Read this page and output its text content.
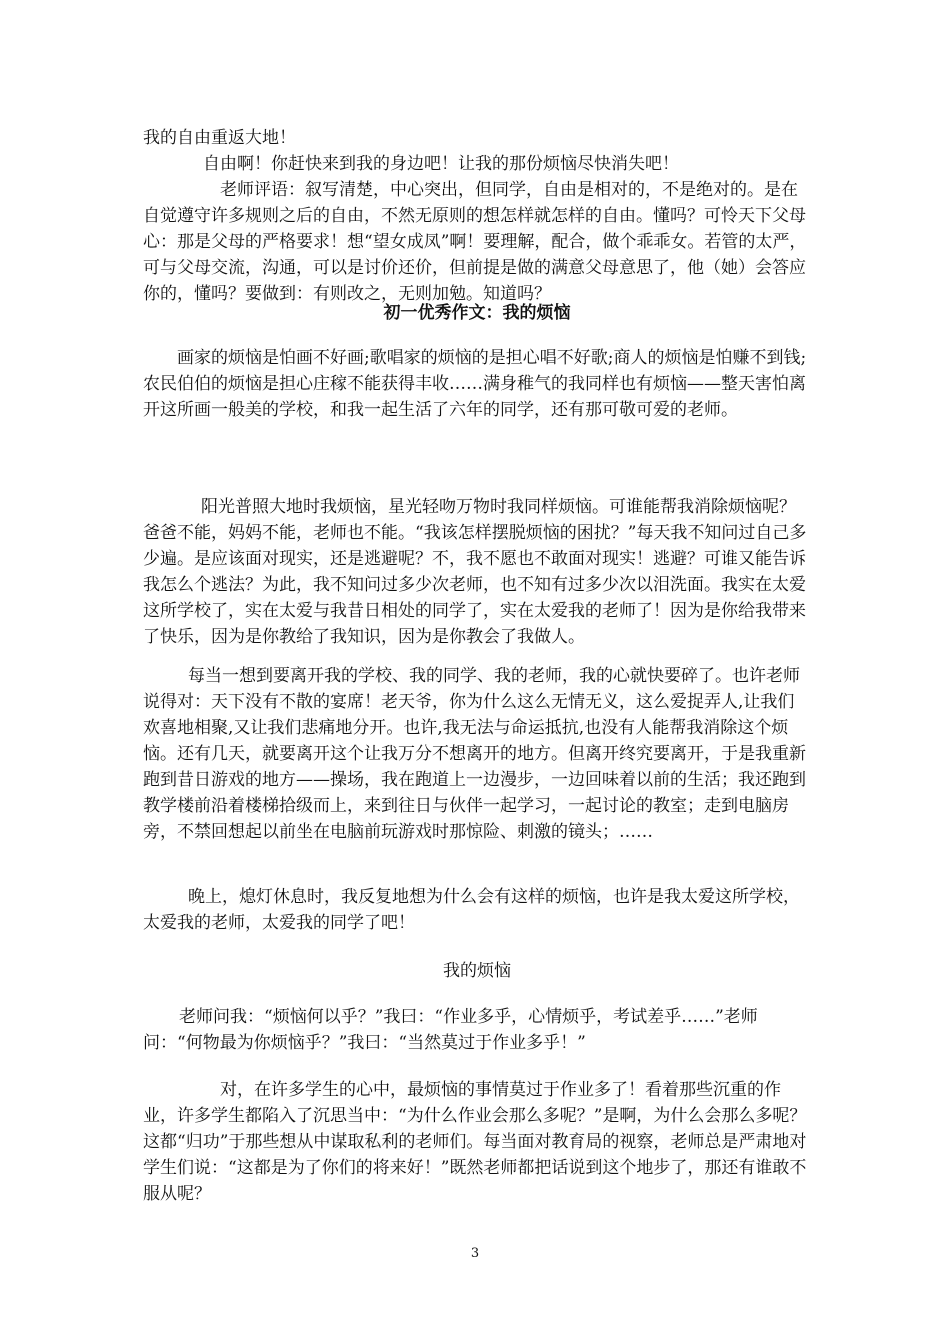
我的自由重返大地！

自由啊！你赶快来到我的身边吧！让我的那份烦恼尽快消失吧！

老师评语：叙写清楚，中心突出，但同学，自由是相对的，不是绝对的。是在自觉遵守许多规则之后的自由，不然无原则的想怎样就怎样的自由。懂吗？可怜天下父母心：那是父母的严格要求！想“望女成凤”啊！要理解，配合，做个乖乖女。若管的太严，可与父母交流，沟通，可以是讨价还价，但前提是做的满意父母意思了，他（她）会答应你的，懂吗？要做到：有则改之，无则加勉。知道吗？

初一优秀作文：我的烦恼

画家的烦恼是怕画不好画;歌唱家的烦恼的是担心唱不好歌;商人的烦恼是怕赚不到钱;农民伯伯的烦恼是担心庄稼不能获得丰收……满身稚气的我同样也有烦恼——整天害怕离开这所画一般美的学校，和我一起生活了六年的同学，还有那可敬可爱的老师。

阳光普照大地时我烦恼，星光轻吻万物时我同样烦恼。可谁能帮我消除烦恼呢？爸爸不能，妈妈不能，老师也不能。“我该怎样摆脱烦恼的困扰？”每天我不知问过自己多少遍。是应该面对现实，还是逃避呢？不，我不愿也不敢面对现实！逃避？可谁又能告诉我怎么个逃法？为此，我不知问过多少次老师，也不知有过多少次以泪洗面。我实在太爱这所学校了，实在太爱与我昔日相处的同学了，实在太爱我的老师了！因为是你给我带来了快乐，因为是你教给了我知识，因为是你教会了我做人。

每当一想到要离开我的学校、我的同学、我的老师，我的心就快要碎了。也许老师说得对：天下没有不散的宴席！老天爷，你为什么这么无情无义，这么爱捉弄人,让我们欢喜地相聚,又让我们悲痛地分开。也许,我无法与命运抵抗,也没有人能帮我消除这个烦恼。还有几天，就要离开这个让我万分不想离开的地方。但离开终究要离开，于是我重新跑到昔日游戏的地方——操场，我在跑道上一边漫步，一边回味着以前的生活；我还跑到教学楼前沿着楼梯拾级而上，来到往日与伙伴一起学习，一起讨论的教室；走到电脑房旁，不禁回想起以前坐在电脑前玩游戏时那惊险、刺激的镜头；……

晚上，熄灯休息时，我反复地想为什么会有这样的烦恼，也许是我太爱这所学校，太爱我的老师，太爱我的同学了吧！

我的烦恼

老师问我：“烦恼何以乎？”我曰：“作业多乎，心情烦乎，考试差乎……”老师问：“何物最为你烦恼乎？”我曰：“当然莫过于作业多乎！”

对，在许多学生的心中，最烦恼的事情莫过于作业多了！看着那些沉重的作业，许多学生都陷入了沉思当中：“为什么作业会那么多呢？”是啊，为什么会那么多呢？这都“归功”于那些想从中谋取私利的老师们。每当面对教育局的视察，老师总是严肃地对学生们说：“这都是为了你们的将来好！”既然老师都把话说到这个地步了，那还有谁敢不服从呢？

3
